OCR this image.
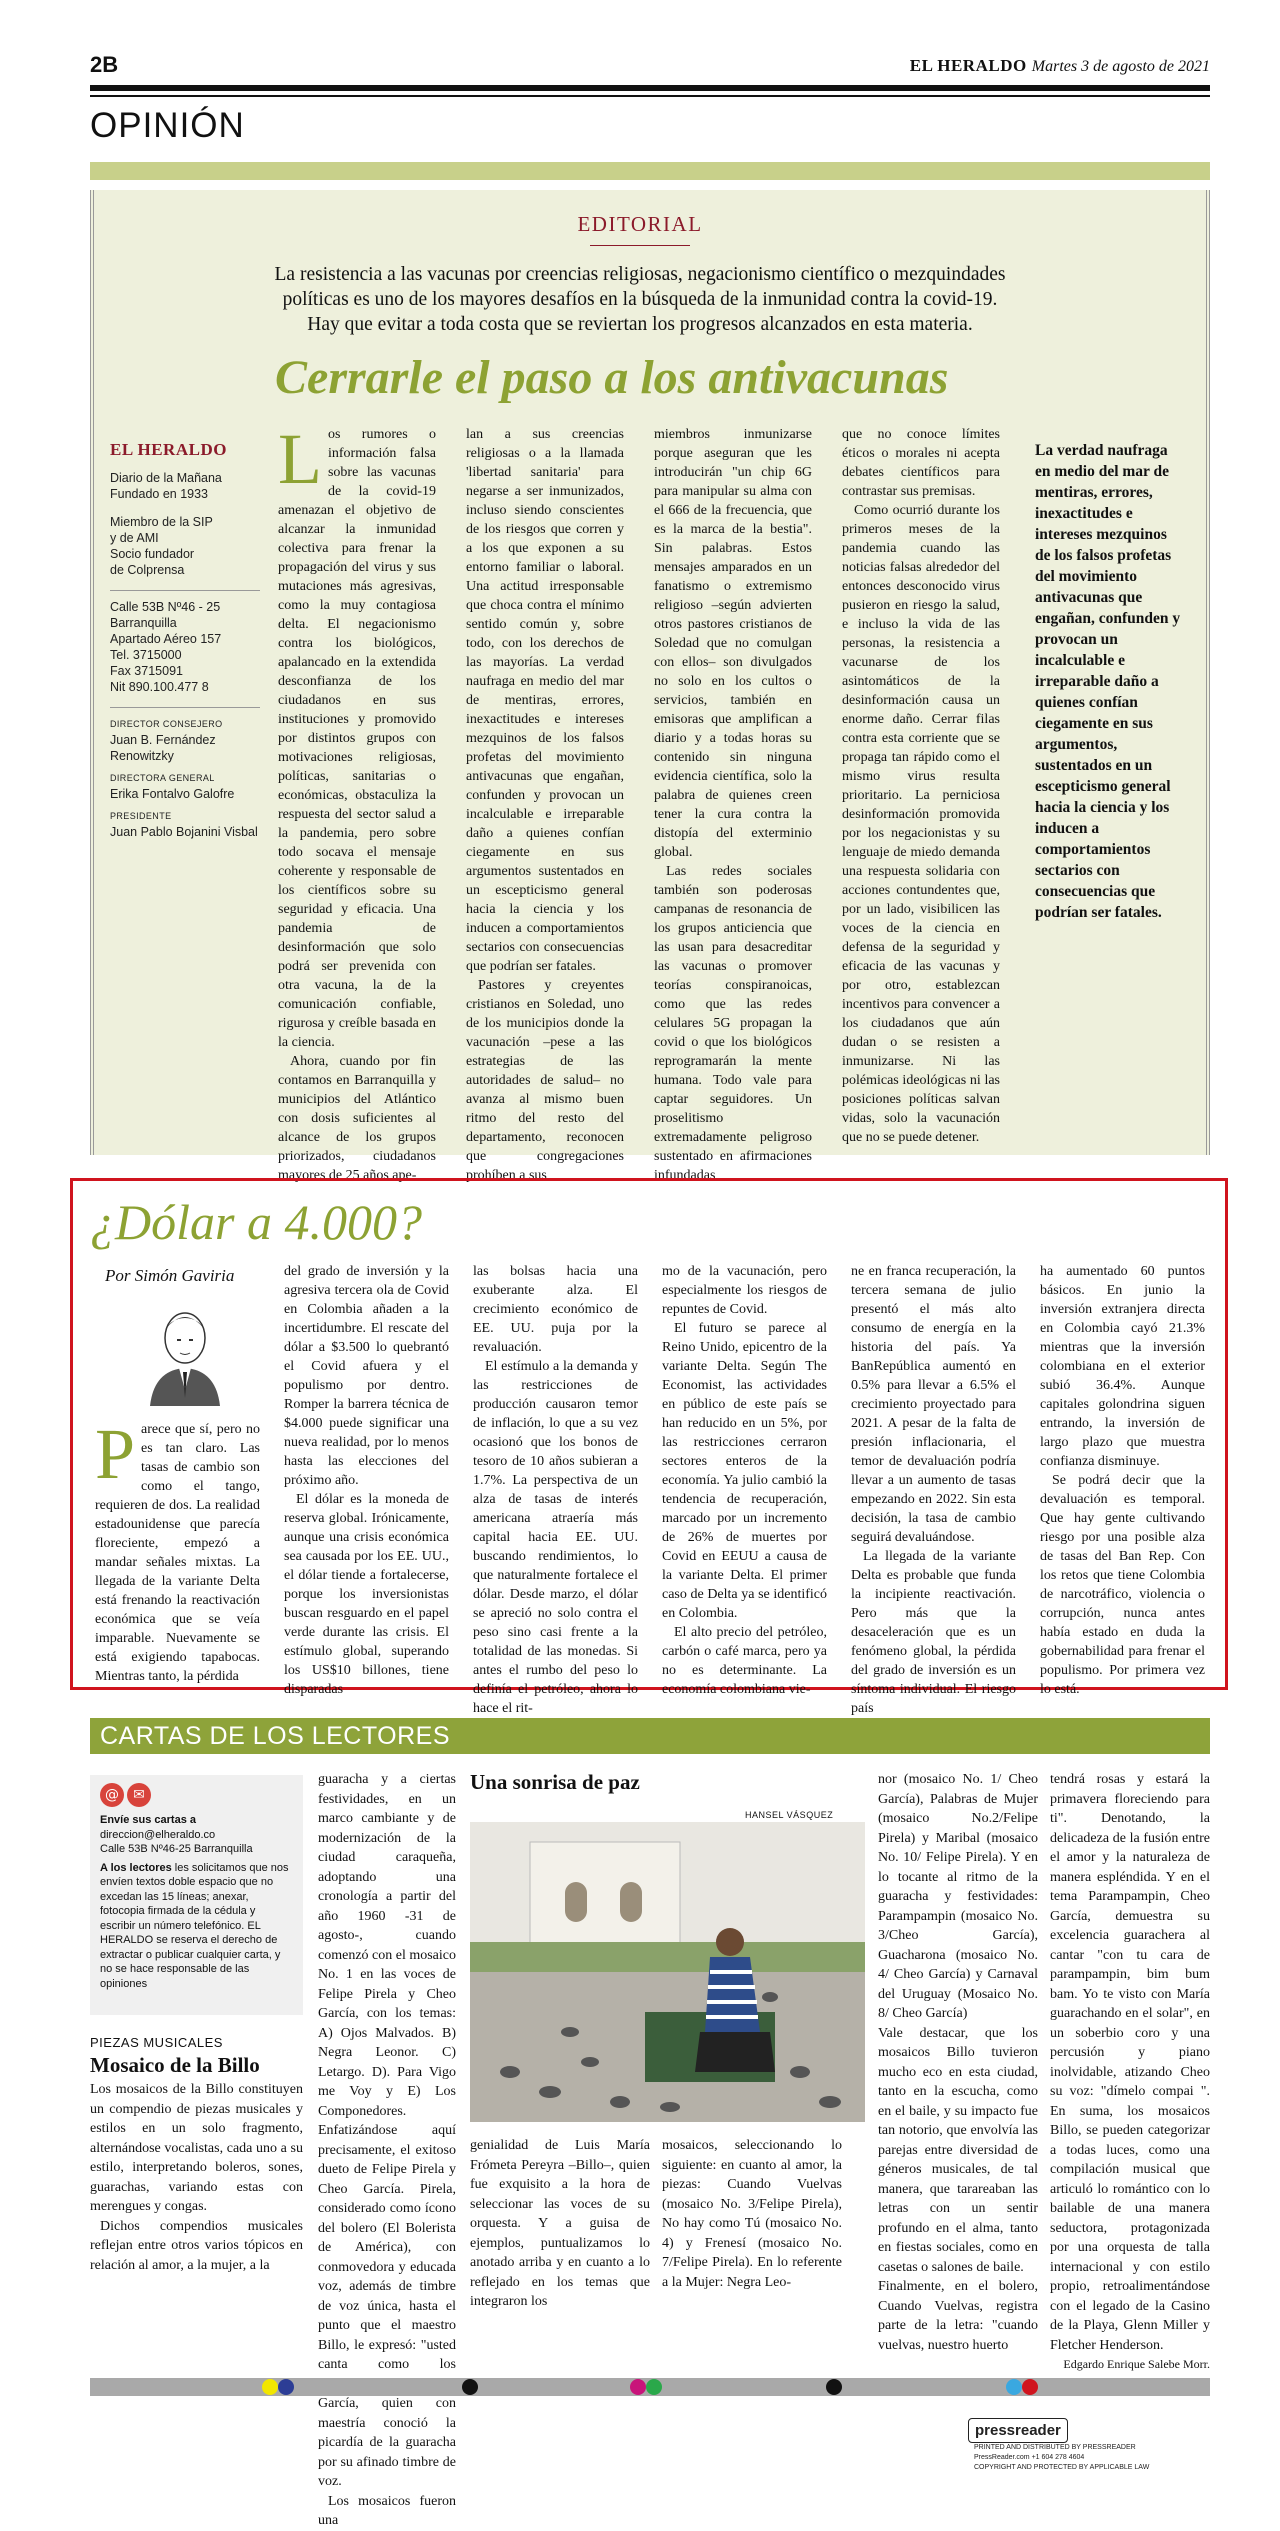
2B	EL HERALDO Martes 3 de agosto de 2021
OPINIÓN
EDITORIAL
La resistencia a las vacunas por creencias religiosas, negacionismo científico o mezquindades políticas es uno de los mayores desafíos en la búsqueda de la inmunidad contra la covid-19. Hay que evitar a toda costa que se reviertan los progresos alcanzados en esta materia.
Cerrarle el paso a los antivacunas
EL HERALDO
Diario de la Mañana
Fundado en 1933
Miembro de la SIP
y de AMI
Socio fundador
de Colprensa
Calle 53B Nº46 - 25
Barranquilla
Apartado Aéreo 157
Tel. 3715000
Fax 3715091
Nit 890.100.477 8
DIRECTOR CONSEJERO
Juan B. Fernández Renowitzky
DIRECTORA GENERAL
Erika Fontalvo Galofre
PRESIDENTE
Juan Pablo Bojanini Visbal
L os rumores o información falsa sobre las vacunas de la covid-19 amenazan el objetivo de alcanzar la inmunidad colectiva para frenar la propagación del virus y sus mutaciones más agresivas, como la muy contagiosa delta. El negacionismo contra los biológicos, apalancado en la extendida desconfianza de los ciudadanos en sus instituciones y promovido por distintos grupos con motivaciones religiosas, políticas, sanitarias o económicas, obstaculiza la respuesta del sector salud a la pandemia, pero sobre todo socava el mensaje coherente y responsable de los científicos sobre su seguridad y eficacia. Una pandemia de desinformación que solo podrá ser prevenida con otra vacuna, la de la comunicación confiable, rigurosa y creíble basada en la ciencia.

Ahora, cuando por fin contamos en Barranquilla y municipios del Atlántico con dosis suficientes al alcance de los grupos priorizados, ciudadanos mayores de 25 años ape-

lan a sus creencias religiosas o a la llamada 'libertad sanitaria' para negarse a ser inmunizados, incluso siendo conscientes de los riesgos que corren y a los que exponen a su entorno familiar o laboral. Una actitud irresponsable que choca contra el mínimo sentido común y, sobre todo, con los derechos de las mayorías. La verdad naufraga en medio del mar de mentiras, errores, inexactitudes e intereses mezquinos de los falsos profetas del movimiento antivacunas que engañan, confunden y provocan un incalculable e irreparable daño a quienes confían ciegamente en sus argumentos sustentados en un escepticismo general hacia la ciencia y los inducen a comportamientos sectarios con consecuencias que podrían ser fatales.

Pastores y creyentes cristianos en Soledad, uno de los municipios donde la vacunación –pese a las estrategias de las autoridades de salud– no avanza al mismo buen ritmo del resto del departamento, reconocen que congregaciones prohíben a sus

miembros inmunizarse porque aseguran que les introducirán "un chip 6G para manipular su alma con el 666 de la frecuencia, que es la marca de la bestia". Sin palabras. Estos mensajes amparados en un fanatismo o extremismo religioso –según advierten otros pastores cristianos de Soledad que no comulgan con ellos– son divulgados no solo en los cultos o servicios, también en emisoras que amplifican a diario y a todas horas su contenido sin ninguna evidencia científica, solo la palabra de quienes creen tener la cura contra la distopía del exterminio global.

Las redes sociales también son poderosas campanas de resonancia de los grupos anticiencia que las usan para desacreditar las vacunas o promover teorías conspiranoicas, como que las redes celulares 5G propagan la covid o que los biológicos reprogramarán la mente humana. Todo vale para captar seguidores. Un proselitismo extremadamente peligroso sustentado en afirmaciones infundadas

que no conoce límites éticos o morales ni acepta debates científicos para contrastar sus premisas.

Como ocurrió durante los primeros meses de la pandemia cuando las noticias falsas alrededor del entonces desconocido virus pusieron en riesgo la salud, e incluso la vida de las personas, la resistencia a vacunarse de los asintomáticos de la desinformación causa un enorme daño. Cerrar filas contra esta corriente que se propaga tan rápido como el mismo virus resulta prioritario. La perniciosa desinformación promovida por los negacionistas y su lenguaje de miedo demanda una respuesta solidaria con acciones contundentes que, por un lado, visibilicen las voces de la ciencia en defensa de la seguridad y eficacia de las vacunas y por otro, establezcan incentivos para convencer a los ciudadanos que aún dudan o se resisten a inmunizarse. Ni las polémicas ideológicas ni las posiciones políticas salvan vidas, solo la vacunación que no se puede detener.

La verdad naufraga en medio del mar de mentiras, errores, inexactitudes e intereses mezquinos de los falsos profetas del movimiento antivacunas que engañan, confunden y provocan un incalculable e irreparable daño a quienes confían ciegamente en sus argumentos, sustentados en un escepticismo general hacia la ciencia y los inducen a comportamientos sectarios con consecuencias que podrían ser fatales.
¿Dólar a 4.000?
Por Simón Gaviria
P arece que sí, pero no es tan claro. Las tasas de cambio son como el tango, requieren de dos. La realidad estadounidense que parecía floreciente, empezó a mandar señales mixtas. La llegada de la variante Delta está frenando la reactivación económica que se veía imparable. Nuevamente se está exigiendo tapabocas. Mientras tanto, la pérdida

del grado de inversión y la agresiva tercera ola de Covid en Colombia añaden a la incertidumbre. El rescate del dólar a $3.500 lo quebrantó el Covid afuera y el populismo por dentro. Romper la barrera técnica de $4.000 puede significar una nueva realidad, por lo menos hasta las elecciones del próximo año.

El dólar es la moneda de reserva global. Irónicamente, aunque una crisis económica sea causada por los EE. UU., el dólar tiende a fortalecerse, porque los inversionistas buscan resguardo en el papel verde durante las crisis. El estímulo global, superando los US$10 billones, tiene disparadas

las bolsas hacia una exuberante alza. El crecimiento económico de EE. UU. puja por la revaluación.

El estímulo a la demanda y las restricciones de producción causaron temor de inflación, lo que a su vez ocasionó que los bonos de tesoro de 10 años subieran a 1.7%. La perspectiva de un alza de tasas de interés americana atraería más capital hacia EE. UU. buscando rendimientos, lo que naturalmente fortalece el dólar. Desde marzo, el dólar se apreció no solo contra el peso sino casi frente a la totalidad de las monedas. Si antes el rumbo del peso lo definía el petróleo, ahora lo hace el rit-

mo de la vacunación, pero especialmente los riesgos de repuntes de Covid.

El futuro se parece al Reino Unido, epicentro de la variante Delta. Según The Economist, las actividades en público de este país se han reducido en un 5%, por las restricciones cerraron sectores enteros de la economía. Ya julio cambió la tendencia de recuperación, marcado por un incremento de 26% de muertes por Covid en EEUU a causa de la variante Delta. El primer caso de Delta ya se identificó en Colombia.

El alto precio del petróleo, carbón o café marca, pero ya no es determinante. La economía colombiana vie-

ne en franca recuperación, la tercera semana de julio presentó el más alto consumo de energía en la historia del país. Ya BanRepública aumentó en 0.5% para llevar a 6.5% el crecimiento proyectado para 2021. A pesar de la falta de presión inflacionaria, el temor de devaluación podría llevar a un aumento de tasas empezando en 2022. Sin esta decisión, la tasa de cambio seguirá devaluándose.

La llegada de la variante Delta es probable que funda la incipiente reactivación. Pero más que la desaceleración que es un fenómeno global, la pérdida del grado de inversión es un síntoma individual. El riesgo país

ha aumentado 60 puntos básicos. En junio la inversión extranjera directa en Colombia cayó 21.3% mientras que la inversión colombiana en el exterior subió 36.4%. Aunque capitales golondrina siguen entrando, la inversión de largo plazo que muestra confianza disminuye.

Se podrá decir que la devaluación es temporal. Que hay gente cultivando riesgo por una posible alza de tasas del Ban Rep. Con los retos que tiene Colombia de narcotráfico, violencia o corrupción, nunca antes había estado en duda la gobernabilidad para frenar el populismo. Por primera vez lo está.

CARTAS DE LOS LECTORES
@ ✉
Envíe sus cartas a
direccion@elheraldo.co
Calle 53B Nº46-25 Barranquilla
A los lectores les solicitamos que nos envíen textos doble espacio que no excedan las 15 líneas; anexar, fotocopia firmada de la cédula y escribir un número telefónico. EL HERALDO se reserva el derecho de extractar o publicar cualquier carta, y no se hace responsable de las opiniones
PIEZAS MUSICALES
Mosaico de la Billo

Los mosaicos de la Billo constituyen un compendio de piezas musicales y estilos en un solo fragmento, alternándose vocalistas, cada uno a su estilo, interpretando boleros, sones, guarachas, variando estas con merengues y congas.

Dichos compendios musicales reflejan entre otros varios tópicos en relación al amor, a la mujer, a la

guaracha y a ciertas festividades, en un marco cambiante y de modernización de la ciudad caraqueña, adoptando una cronología a partir del año 1960 -31 de agosto-, cuando comenzó con el mosaico No. 1 en las voces de Felipe Pirela y Cheo García, con los temas: A) Ojos Malvados. B) Negra Leonor. C) Letargo. D). Para Vigo me Voy y E) Los Componedores. Enfatizándose aquí precisamente, el exitoso dueto de Felipe Pirela y Cheo García. Pirela, considerado como ícono del bolero (El Bolerista de América), con conmovedora y educada voz, además de timbre de voz única, hasta el punto que el maestro Billo, le expresó: "usted canta como los García, quien con maestría conoció la picardía de la guaracha por su afinado timbre de voz.

Los mosaicos fueron una

Una sonrisa de paz
HANSEL VÁSQUEZ

genialidad de Luis María Frómeta Pereyra –Billo–, quien fue exquisito a la hora de seleccionar las voces de su orquesta. Y a guisa de ejemplos, puntualizamos lo anotado arriba y en cuanto a lo reflejado en los temas que integraron los

mosaicos, seleccionando lo siguiente: en cuanto al amor, la piezas: Cuando Vuelvas (mosaico No. 3/Felipe Pirela), No hay como Tú (mosaico No. 4) y Frenesí (mosaico No. 7/Felipe Pirela). En lo referente a la Mujer: Negra Leo-

nor (mosaico No. 1/ Cheo García), Palabras de Mujer (mosaico No.2/Felipe Pirela) y Maribal (mosaico No. 10/ Felipe Pirela). Y en lo tocante al ritmo de la guaracha y festividades: Parampampin (mosaico No. 3/Cheo García), Guacharona (mosaico No. 4/ Cheo García) y Carnaval del Uruguay (Mosaico No. 8/ Cheo García)

Vale destacar, que los mosaicos Billo tuvieron mucho eco en esta ciudad, tanto en la escucha, como en el baile, y su impacto fue tan notorio, que envolvía las parejas entre diversidad de géneros musicales, de tal manera, que tarareaban las letras con un sentir profundo en el alma, tanto en fiestas sociales, como en casetas o salones de baile.

Finalmente, en el bolero, Cuando Vuelvas, registra parte de la letra: "cuando vuelvas, nuestro huerto

tendrá rosas y estará la primavera floreciendo para ti". Denotando, la delicadeza de la fusión entre el amor y la naturaleza de manera espléndida. Y en el tema Parampampin, Cheo García, demuestra su excelencia guarachera al cantar "con tu cara de parampampin, bim bum bam. Yo te visto con María guarachando en el solar", en un soberbio coro y una percusión y piano inolvidable, atizando Cheo su voz: "dímelo compai ". En suma, los mosaicos Billo, se pueden categorizar a todas luces, como una compilación musical que articuló lo romántico con lo bailable de una manera seductora, protagonizada por una orquesta de talla internacional y con estilo propio, retroalimentándose con el legado de la Casino de la Playa, Glenn Miller y Fletcher Henderson.

Edgardo Enrique Salebe Morr.

pressreader
PRINTED AND DISTRIBUTED BY PRESSREADER
PressReader.com +1 604 278 4604
COPYRIGHT AND PROTECTED BY APPLICABLE LAW
